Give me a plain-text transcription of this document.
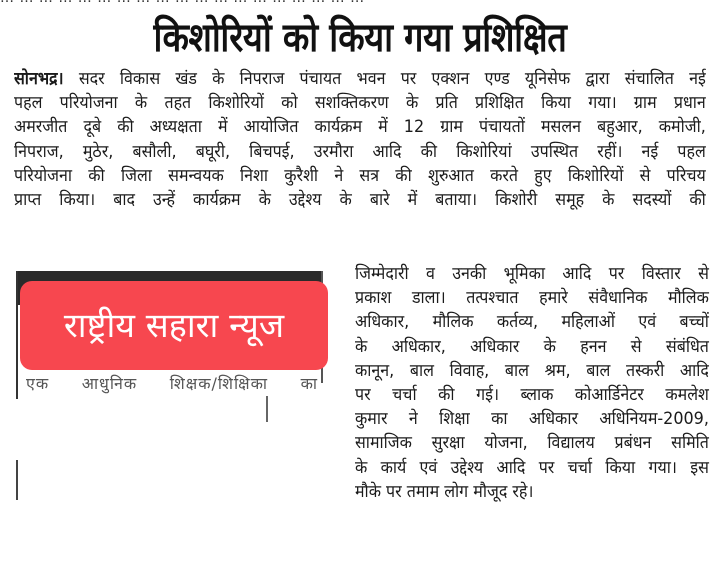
किशोरियों को किया गया प्रशिक्षित
सोनभद्र। सदर विकास खंड के निपराज पंचायत भवन पर एक्शन एण्ड यूनिसेफ द्वारा संचालित नई
पहल परियोजना के तहत किशोरियों को सशक्तिकरण के प्रति प्रशिक्षित किया गया। ग्राम प्रधान
अमरजीत दूबे की अध्यक्षता में आयोजित कार्यक्रम में 12 ग्राम पंचायतों मसलन बहुआर, कमोजी,
निपराज, मुठेर, बसौली, बघूरी, बिचपई, उरमौरा आदि की किशोरियां उपस्थित रहीं। नई पहल
परियोजना की जिला समन्वयक निशा कुरैशी ने सत्र की शुरुआत करते हुए किशोरियों से परिचय
प्राप्त किया। बाद उन्हें कार्यक्रम के उद्देश्य के बारे में बताया। किशोरी समूह के सदस्यों की
जिम्मेदारी व उनकी भूमिका आदि पर विस्तार से
प्रकाश डाला। तत्पश्चात हमारे संवैधानिक मौलिक
अधिकार, मौलिक कर्तव्य, महिलाओं एवं बच्चों
के अधिकार, अधिकार के हनन से संबंधित
कानून, बाल विवाह, बाल श्रम, बाल तस्करी आदि
पर चर्चा की गई। ब्लाक कोआर्डिनेटर कमलेश
कुमार ने शिक्षा का अधिकार अधिनियम-2009,
सामाजिक सुरक्षा योजना, विद्यालय प्रबंधन समिति
के कार्य एवं उद्देश्य आदि पर चर्चा किया गया। इस
मौके पर तमाम लोग मौजूद रहे।
एक आधुनिक शिक्षक/शिक्षिका का
राष्ट्रीय सहारा न्यूज
